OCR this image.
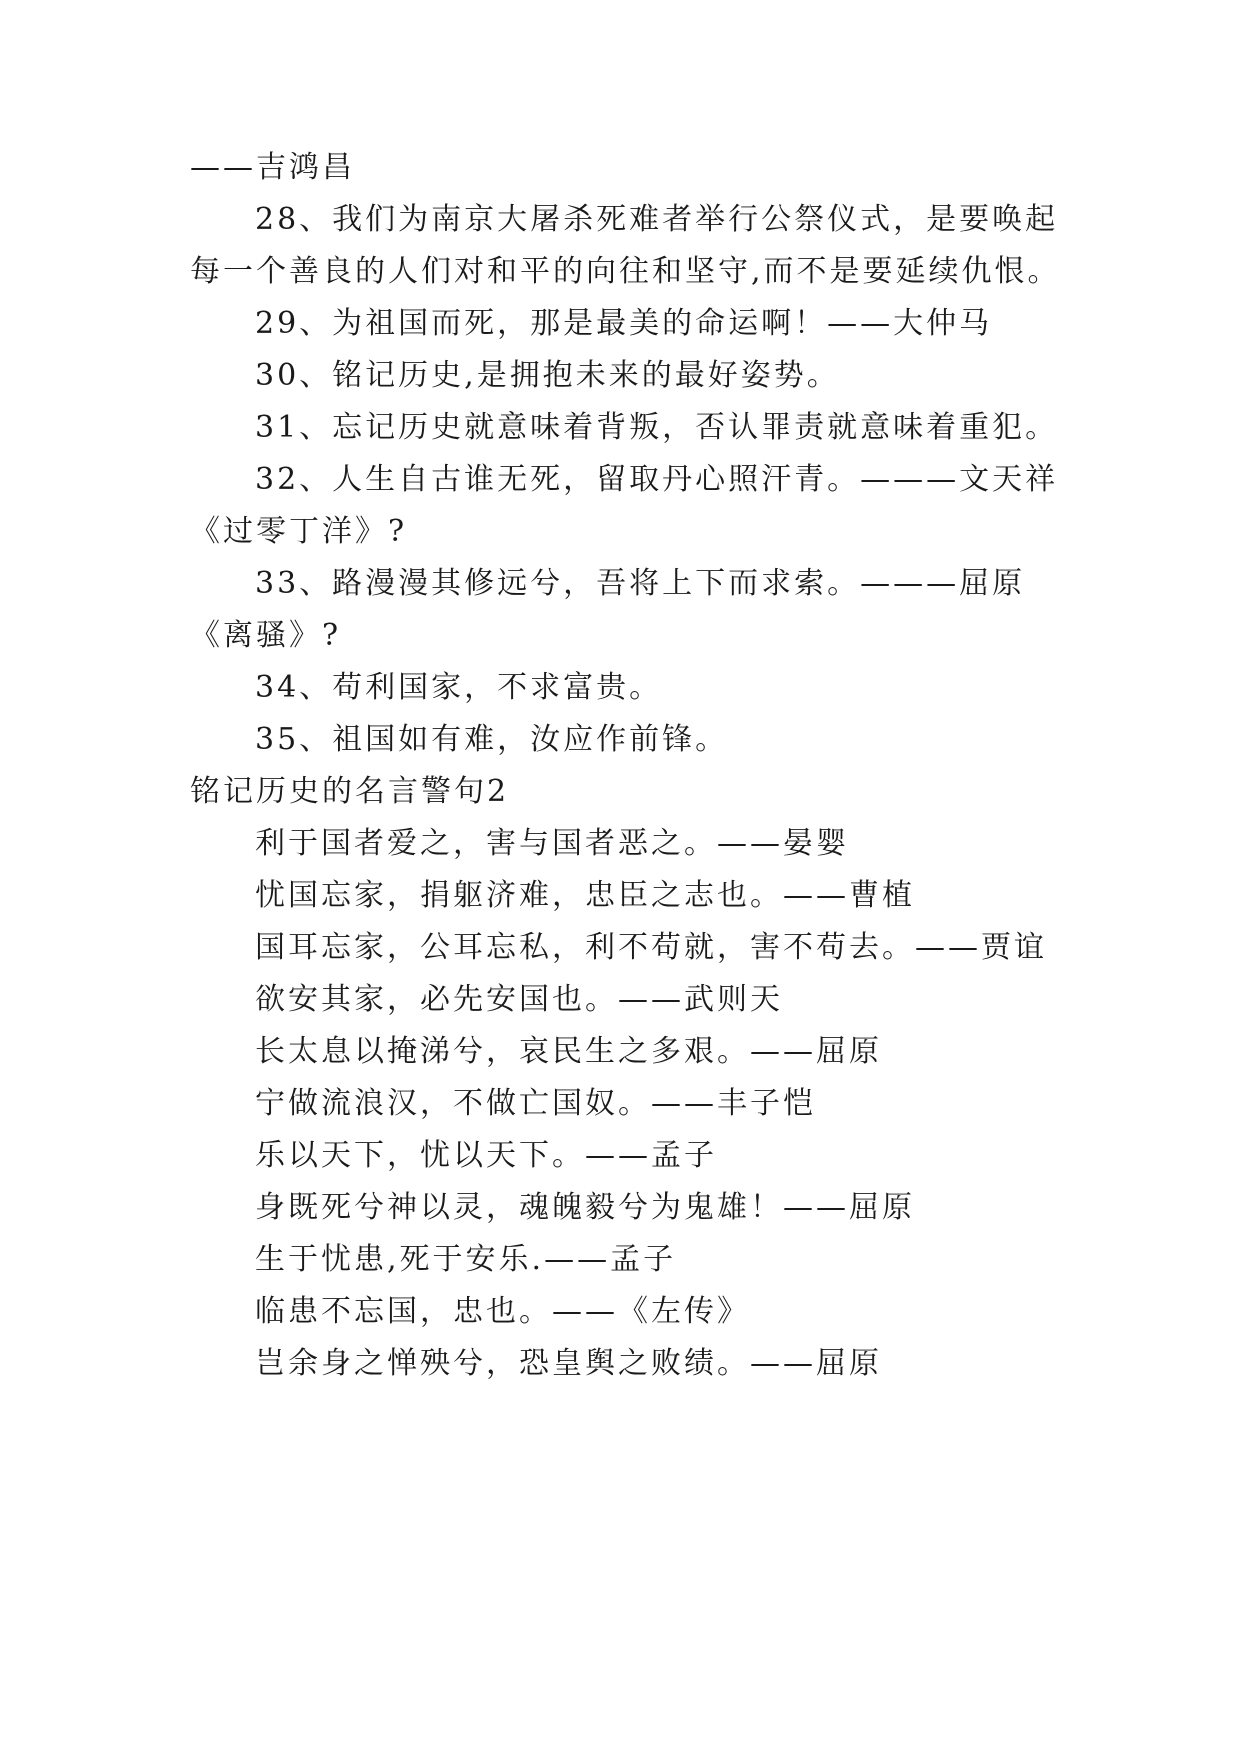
——吉鸿昌
28、我们为南京大屠杀死难者举行公祭仪式，是要唤起
每一个善良的人们对和平的向往和坚守,而不是要延续仇恨。
29、为祖国而死，那是最美的命运啊！——大仲马
30、铭记历史,是拥抱未来的最好姿势。
31、忘记历史就意味着背叛，否认罪责就意味着重犯。
32、人生自古谁无死，留取丹心照汗青。———文天祥
《过零丁洋》?
33、路漫漫其修远兮，吾将上下而求索。———屈原
《离骚》?
34、苟利国家，不求富贵。
35、祖国如有难，汝应作前锋。
铭记历史的名言警句2
利于国者爱之，害与国者恶之。——晏婴
忧国忘家，捐躯济难，忠臣之志也。——曹植
国耳忘家，公耳忘私，利不苟就，害不苟去。——贾谊
欲安其家，必先安国也。——武则天
长太息以掩涕兮，哀民生之多艰。——屈原
宁做流浪汉，不做亡国奴。——丰子恺
乐以天下，忧以天下。——孟子
身既死兮神以灵，魂魄毅兮为鬼雄！——屈原
生于忧患,死于安乐.——孟子
临患不忘国，忠也。——《左传》
岂余身之惮殃兮，恐皇舆之败绩。——屈原
